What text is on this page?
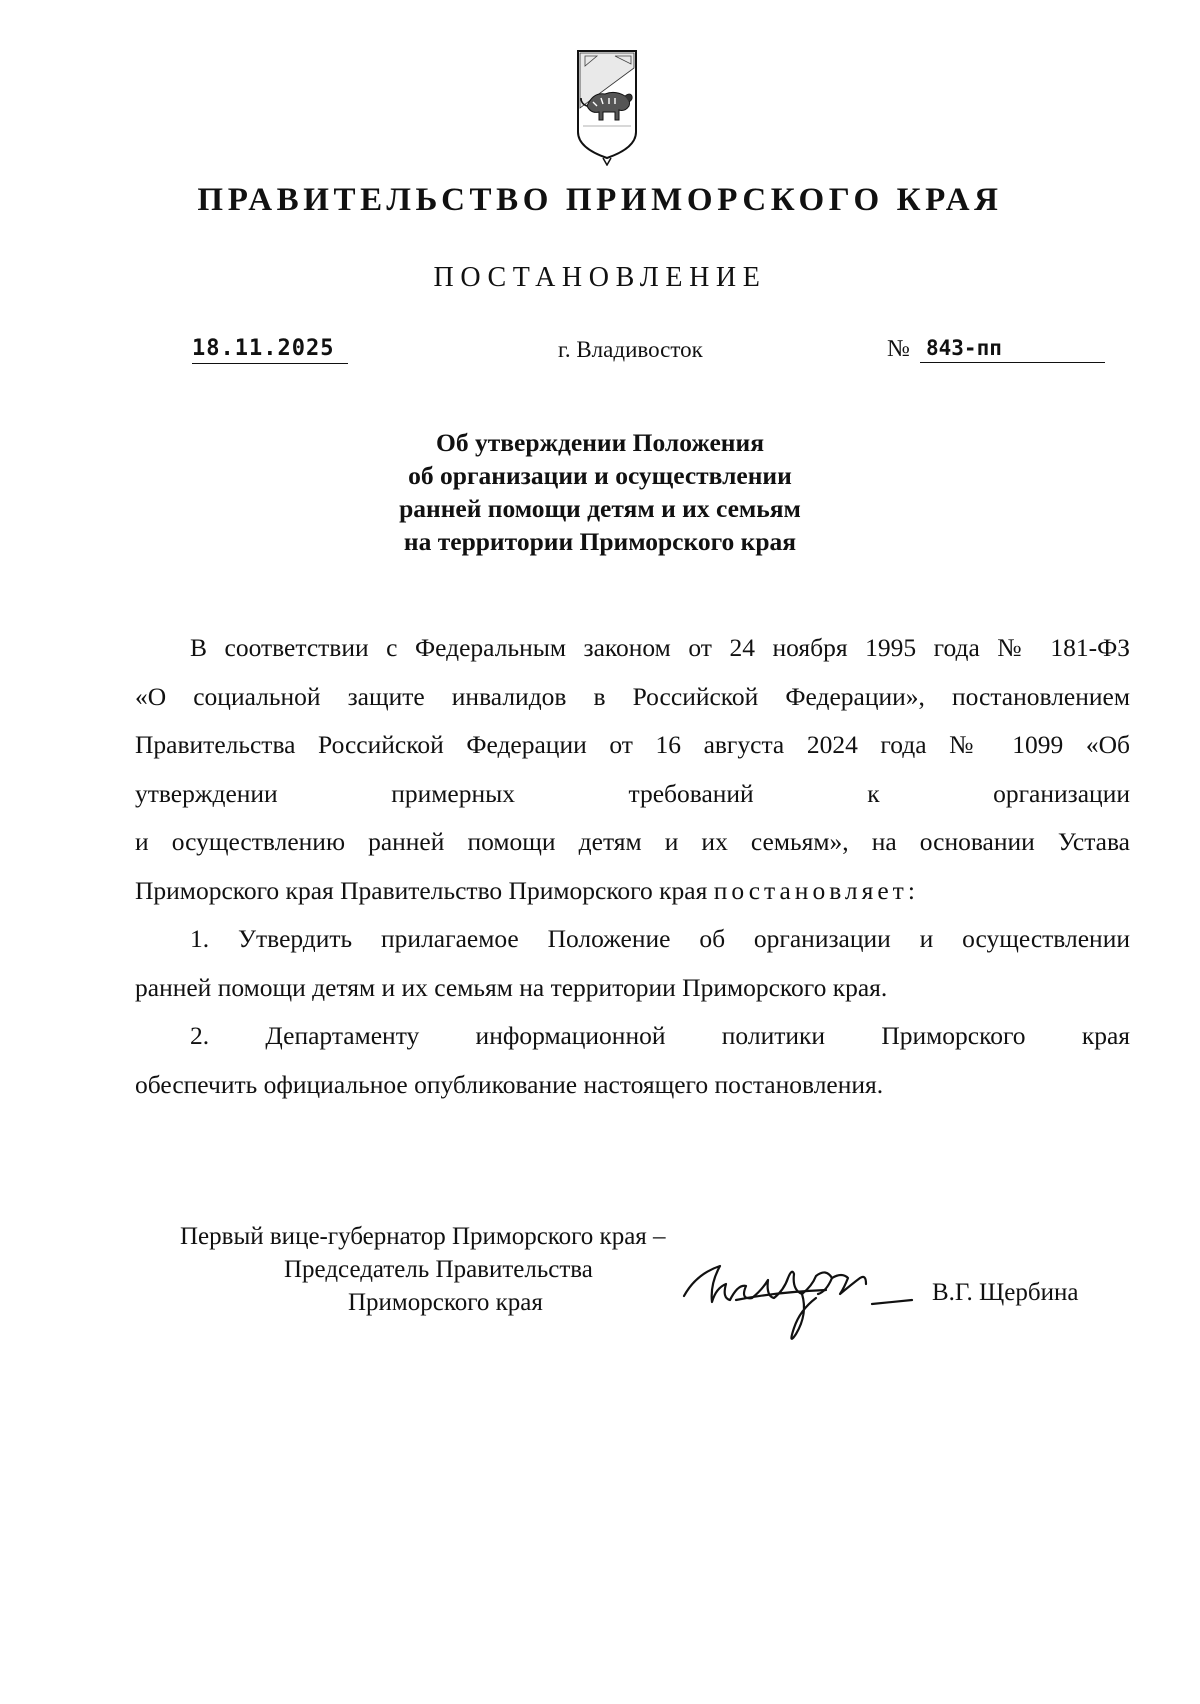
ПРАВИТЕЛЬСТВО ПРИМОРСКОГО КРАЯ
ПОСТАНОВЛЕНИЕ
18.11.2025	г. Владивосток	№ 843-пп
Об утверждении Положения
об организации и осуществлении
ранней помощи детям и их семьям
на территории Приморского края
В соответствии с Федеральным законом от 24 ноября 1995 года № 181-ФЗ
«О социальной защите инвалидов в Российской Федерации», постановлением
Правительства Российской Федерации от 16 августа 2024 года № 1099 «Об
утверждении примерных требований к организации
и осуществлению ранней помощи детям и их семьям», на основании Устава
Приморского края Правительство Приморского края постановляет:
1. Утвердить прилагаемое Положение об организации и осуществлении
ранней помощи детям и их семьям на территории Приморского края.
2. Департаменту информационной политики Приморского края
обеспечить официальное опубликование настоящего постановления.
Первый вице-губернатор Приморского края –
Председатель Правительства
Приморского края	В.Г. Щербина
